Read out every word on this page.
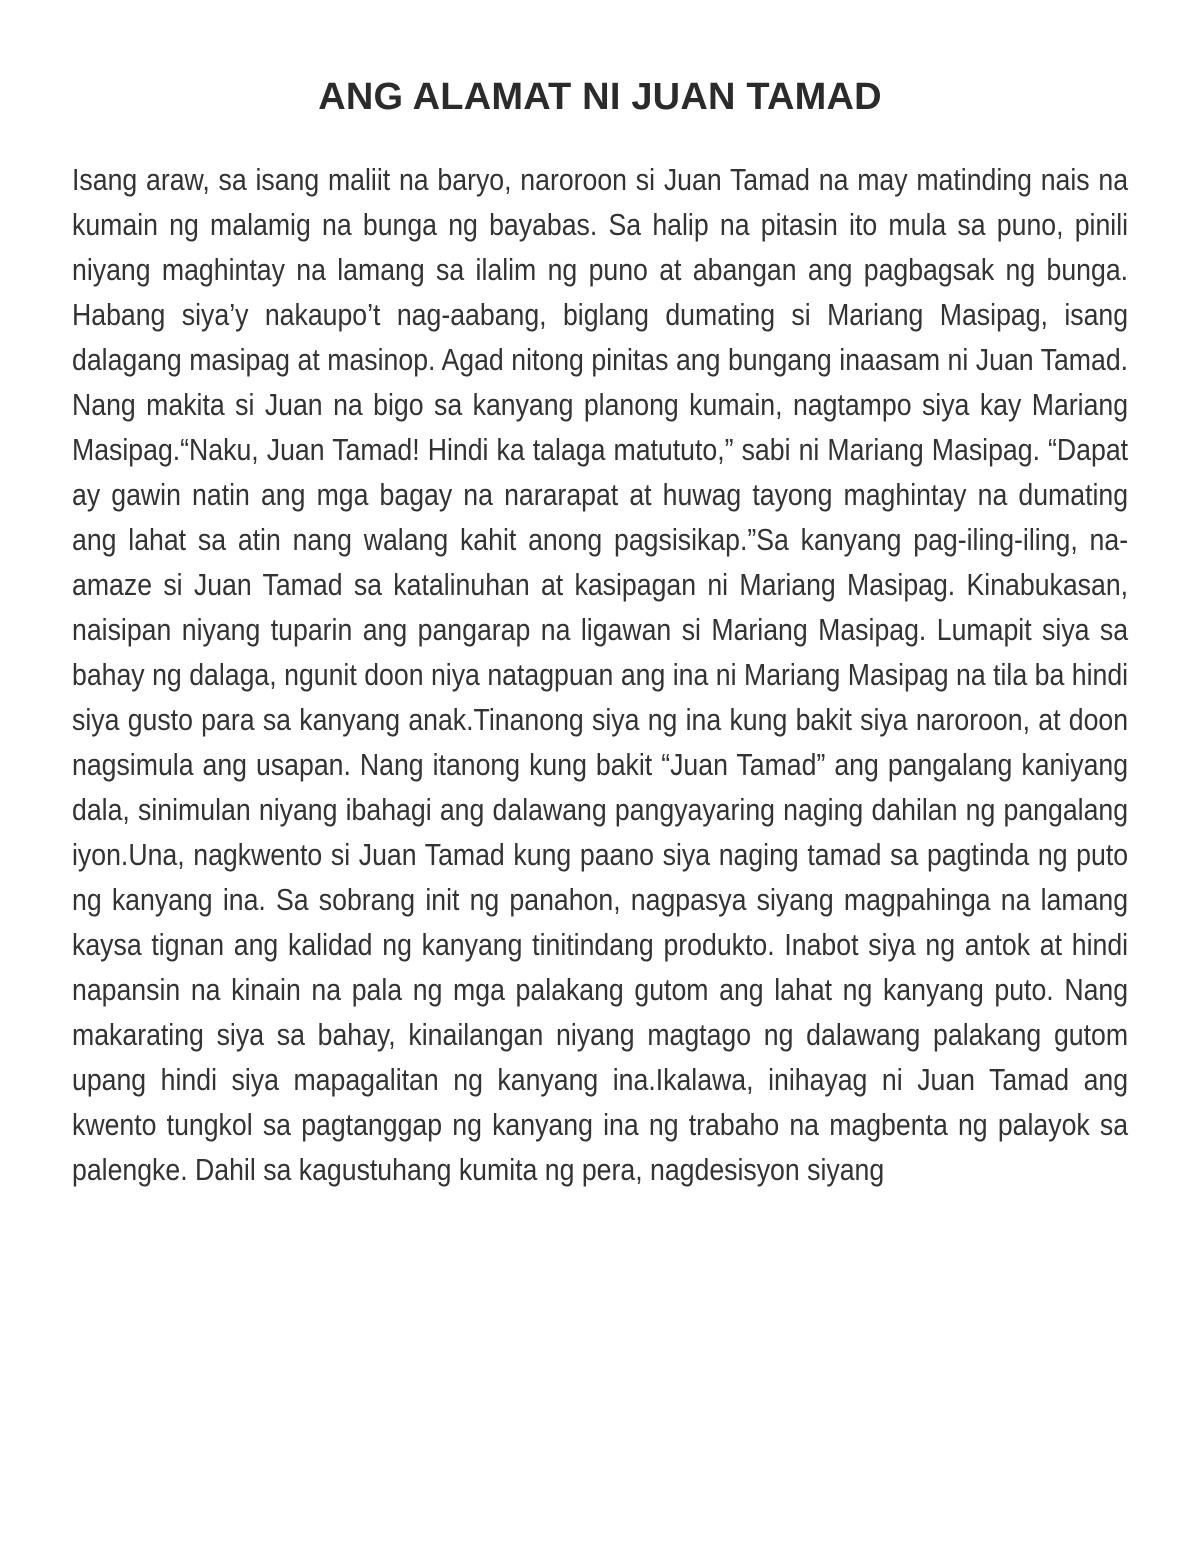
ANG ALAMAT NI JUAN TAMAD

Isang araw, sa isang maliit na baryo, naroroon si Juan Tamad na may matinding nais na kumain ng malamig na bunga ng bayabas. Sa halip na pitasin ito mula sa puno, pinili niyang maghintay na lamang sa ilalim ng puno at abangan ang pagbagsak ng bunga. Habang siya’y nakaupo’t nag-aabang, biglang dumating si Mariang Masipag, isang dalagang masipag at masinop. Agad nitong pinitas ang bungang inaasam ni Juan Tamad. Nang makita si Juan na bigo sa kanyang planong kumain, nagtampo siya kay Mariang Masipag.“Naku, Juan Tamad! Hindi ka talaga matututo,” sabi ni Mariang Masipag. “Dapat ay gawin natin ang mga bagay na nararapat at huwag tayong maghintay na dumating ang lahat sa atin nang walang kahit anong pagsisikap.”Sa kanyang pag-iling-iling, na-amaze si Juan Tamad sa katalinuhan at kasipagan ni Mariang Masipag. Kinabukasan, naisipan niyang tuparin ang pangarap na ligawan si Mariang Masipag. Lumapit siya sa bahay ng dalaga, ngunit doon niya natagpuan ang ina ni Mariang Masipag na tila ba hindi siya gusto para sa kanyang anak.Tinanong siya ng ina kung bakit siya naroroon, at doon nagsimula ang usapan. Nang itanong kung bakit “Juan Tamad” ang pangalang kaniyang dala, sinimulan niyang ibahagi ang dalawang pangyayaring naging dahilan ng pangalang iyon.Una, nagkwento si Juan Tamad kung paano siya naging tamad sa pagtinda ng puto ng kanyang ina. Sa sobrang init ng panahon, nagpasya siyang magpahinga na lamang kaysa tignan ang kalidad ng kanyang tinitindang produkto. Inabot siya ng antok at hindi napansin na kinain na pala ng mga palakang gutom ang lahat ng kanyang puto. Nang makarating siya sa bahay, kinailangan niyang magtago ng dalawang palakang gutom upang hindi siya mapagalitan ng kanyang ina.Ikalawa, inihayag ni Juan Tamad ang kwento tungkol sa pagtanggap ng kanyang ina ng trabaho na magbenta ng palayok sa palengke. Dahil sa kagustuhang kumita ng pera, nagdesisyon siyang
